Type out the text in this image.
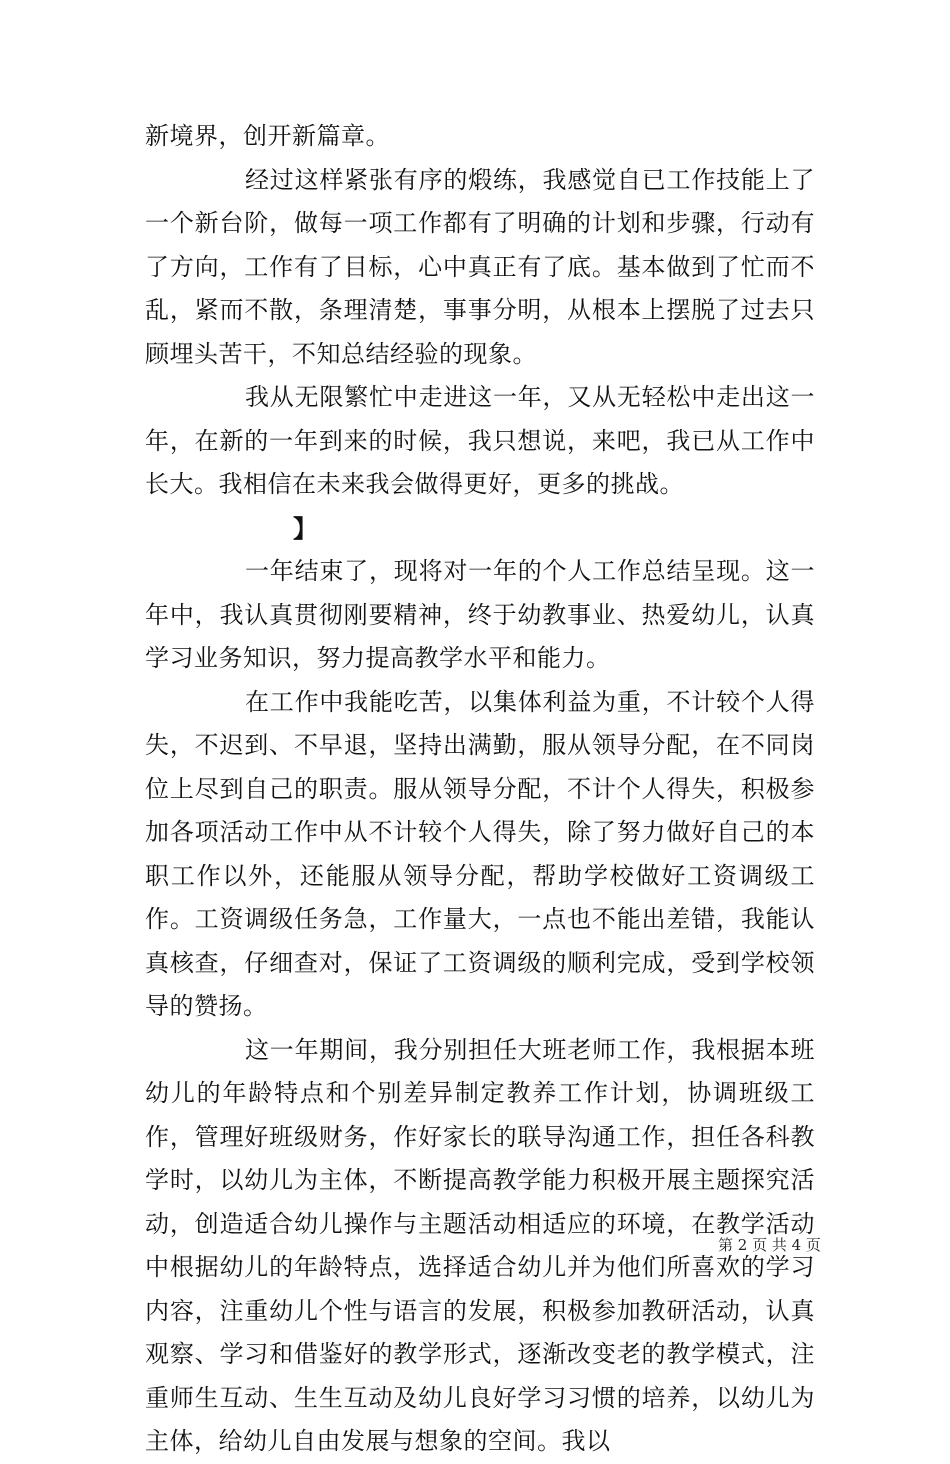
新境界，创开新篇章。

经过这样紧张有序的煅练，我感觉自已工作技能上了一个新台阶，做每一项工作都有了明确的计划和步骤，行动有了方向，工作有了目标，心中真正有了底。基本做到了忙而不乱，紧而不散，条理清楚，事事分明，从根本上摆脱了过去只顾埋头苦干，不知总结经验的现象。

我从无限繁忙中走进这一年，又从无轻松中走出这一年，在新的一年到来的时候，我只想说，来吧，我已从工作中长大。我相信在未来我会做得更好，更多的挑战。

】

一年结束了，现将对一年的个人工作总结呈现。这一年中，我认真贯彻刚要精神，终于幼教事业、热爱幼儿，认真学习业务知识，努力提高教学水平和能力。

在工作中我能吃苦，以集体利益为重，不计较个人得失，不迟到、不早退，坚持出满勤，服从领导分配，在不同岗位上尽到自己的职责。服从领导分配，不计个人得失，积极参加各项活动工作中从不计较个人得失，除了努力做好自己的本职工作以外，还能服从领导分配，帮助学校做好工资调级工作。工资调级任务急，工作量大，一点也不能出差错，我能认真核查，仔细查对，保证了工资调级的顺利完成，受到学校领导的赞扬。

这一年期间，我分别担任大班老师工作，我根据本班幼儿的年龄特点和个别差异制定教养工作计划，协调班级工作，管理好班级财务，作好家长的联导沟通工作，担任各科教学时，以幼儿为主体，不断提高教学能力积极开展主题探究活动，创造适合幼儿操作与主题活动相适应的环境，在教学活动中根据幼儿的年龄特点，选择适合幼儿并为他们所喜欢的学习内容，注重幼儿个性与语言的发展，积极参加教研活动，认真观察、学习和借鉴好的教学形式，逐渐改变老的教学模式，注重师生互动、生生互动及幼儿良好学习习惯的培养，以幼儿为主体，给幼儿自由发展与想象的空间。我以

第 2 页 共 4 页
